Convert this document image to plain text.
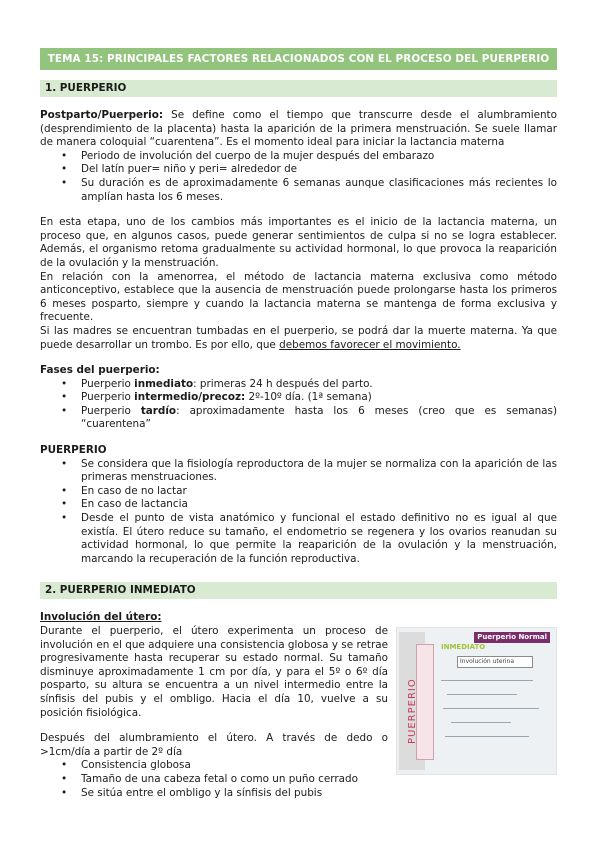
TEMA 15: PRINCIPALES FACTORES RELACIONADOS CON EL PROCESO DEL PUERPERIO
1. PUERPERIO

Postparto/Puerperio: Se define como el tiempo que transcurre desde el alumbramiento (desprendimiento de la placenta) hasta la aparición de la primera menstruación. Se suele llamar de manera coloquial “cuarentena”. Es el momento ideal para iniciar la lactancia materna

• Periodo de involución del cuerpo de la mujer después del embarazo
• Del latín puer= niño y peri= alrededor de
• Su duración es de aproximadamente 6 semanas aunque clasificaciones más recientes lo amplían hasta los 6 meses.

En esta etapa, uno de los cambios más importantes es el inicio de la lactancia materna, un proceso que, en algunos casos, puede generar sentimientos de culpa si no se logra establecer. Además, el organismo retoma gradualmente su actividad hormonal, lo que provoca la reaparición de la ovulación y la menstruación.

En relación con la amenorrea, el método de lactancia materna exclusiva como método anticonceptivo, establece que la ausencia de menstruación puede prolongarse hasta los primeros 6 meses posparto, siempre y cuando la lactancia materna se mantenga de forma exclusiva y frecuente.

Si las madres se encuentran tumbadas en el puerperio, se podrá dar la muerte materna. Ya que puede desarrollar un trombo. Es por ello, que debemos favorecer el movimiento.

Fases del puerperio:

• Puerperio inmediato: primeras 24 h después del parto.
• Puerperio intermedio/precoz: 2º-10º día. (1ª semana)
• Puerperio tardío: aproximadamente hasta los 6 meses (creo que es semanas) “cuarentena”

PUERPERIO

• Se considera que la fisiología reproductora de la mujer se normaliza con la aparición de las primeras menstruaciones.
• En caso de no lactar
• En caso de lactancia
• Desde el punto de vista anatómico y funcional el estado definitivo no es igual al que existía. El útero reduce su tamaño, el endometrio se regenera y los ovarios reanudan su actividad hormonal, lo que permite la reaparición de la ovulación y la menstruación, marcando la recuperación de la función reproductiva.
2. PUERPERIO INMEDIATO

Involución del útero:

PUERPERIO
Puerperio Normal
INMEDIATO
Involución uterina

Durante el puerperio, el útero experimenta un proceso de involución en el que adquiere una consistencia globosa y se retrae progresivamente hasta recuperar su estado normal. Su tamaño disminuye aproximadamente 1 cm por día, y para el 5º o 6º día posparto, su altura se encuentra a un nivel intermedio entre la sínfisis del pubis y el ombligo. Hacia el día 10, vuelve a su posición fisiológica.

Después del alumbramiento el útero. A través de dedo o >1cm/día a partir de 2º día

• Consistencia globosa
• Tamaño de una cabeza fetal o como un puño cerrado
• Se sitúa entre el ombligo y la sínfisis del pubis
